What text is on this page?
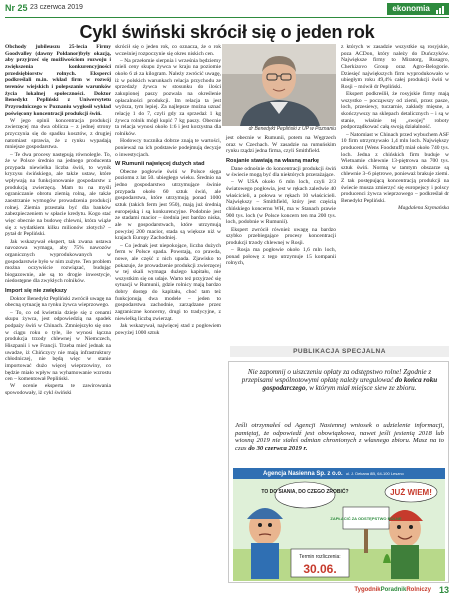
Nr 25 23 czerwca 2019	ekonomia
Cykl świński skrócił się o jeden rok

Obchody jubileuszu 25-lecia Firmy Goodvalley (dawny Poldanor)były okazją, aby przyjrzeć się możliwościom rozwoju i zwiększenia konkurencyjności przedsiębiorstw rolnych. Eksperci podkreślali m.in. wkład firm w rozwój terenów wiejskich i polepszanie warunków życia lokalnej społeczności. Doktor Benedykt Pepliński z Uniwersytetu Przyrodniczego w Poznaniu wygłosił wykład poświęcony koncentracji produkcji świń.

W jego opinii koncentracja produkcji zwierzęcej ma dwa oblicza – z jednej strony przyczynia się do spadku kosztów, z drugiej natomiast sprawia, że z rynku wypadają mniejsze gospodarstwa.

– Te dwa procesy następują równolegle. To, że w Polsce średnio na jednego producenta przypada niewielka liczba świń, to wynik kryzysu świńskiego, ale także ustaw, które wpływają na funkcjonowanie gospodarstw z produkcją zwierzęcą. Mam tu na myśli ograniczanie obrotu ziemią rolną, ale także zaostrzanie wymogów prowadzenia produkcji rolnej. Ziemia przestała być dla banków zabezpieczeniem w spłacie kredytu. Kogo stać więc obecnie na budowę chlewni, która wiąże się z wydatkiem kilku milionów złotych? – pytał dr Pepliński.

Jak wskazywał ekspert, tak zwana ustawa navozowa wymaga, aby 75% nawozów organicznych wyprodukowanych w gospodarstwie było w nim zużyte. Ten problem można oczywiście rozwiązać, budując biogazownie, ale są to drogie inwestycje, niedostępne dla zwykłych rolników.

Import się nie zwiększy

Doktor Benedykt Pepliński zwrócił uwagę na obecną sytuację na rynku żywca wieprzowego.

– To, co od kwietnia dzieje się z cenami skupu żywca, jest odpowiedzią na spadek podpaży świń w Chinach. Zmniejszyło się ono w ciągu roku o tyle, ile wynosi łączna produkcja trzody chlewnej w Niemczech, Hiszpanii i we Francji. Trzeba mieć jednak na uwadze, iż Chińczycy nie mają infrastruktury chłodniczej, nie będą więc w stanie importować dużo więcej wieprzowiny, co będzie miało wpływ na wyhamowanie wzrostu cen – komentował Pepliński.

W ocenie eksperta te zawirowania spowodowały, iż cykl świński

skrócił się o jeden rok, co oznacza, że o rok wcześniej rozpoczynie się okres niskich cen.

– Na przełomie sierpnia i września będziemy mieli ceny skupu żywca w kraju na poziomie około 6 zł za kilogram. Należy zwrócić uwagę, iż w polskich warunkach relacja przychodu ze sprzedaży żywca w stosunku do ilości zakupionej paszy pozwala na określenie opłacalności produkcji. Im relacja ta jest wyższa, tym lepiej. Za najlepsze można uznać relację 1 do 7, czyli gdy za sprzedaż 1 kg żywca rolnik mógł kupić 7 kg paszy. Obecnie ta relacja wynosi około 1:6 i jest korzystna dla rolników.

Hodowcy tucznika dobrze znają te wartości, ponieważ na ich podstawie podejmują decyzje o inwestycjach.

W Rumunii najwięcej dużych stad

Obecne pogłowie świń w Polsce sięga poziomu z lat 50. ubiegłego wieku. Średnio na jedno gospodarstwo utrzymujące świnie przypada około 60 sztuk świń, ale gospodarstwa, które utrzymują ponad 1000 sztuk (takich ferm jest 950), mają już średnią europejską i są konkurencyjne. Podobnie jest ze stadami macior – średnia jest bardzo niska, ale w gospodarstwach, które utrzymują powyżej 200 macior, stada są większe niż w krajach Europy Zachodniej.

– Co jednak jest niepokojące, liczba dużych ferm w Polsce spada. Powstają, co prawda, nowe, ale część z nich upada. Zjawisko to pokazuje, że prowadzenie produkcji zwierzęcej w tej skali wymaga dużego kapitału, nie wszystkim się on udaje. Warto też przyjrzeć się sytuacji w Rumunii, gdzie rolnicy mają bardzo dobry dostęp do kapitału, choć tam też funkcjonują dwa modele – jeden to gospodarstwa zachodnie, zarządzane przez zagraniczne koncerny, drugi to tradycyjne, z niewielką liczbą zwierząt.

Jak wskazywał, najwięcej stad z pogłowiem powyżej 1000 sztuk

dr Benedykt Pepliński z UP w Poznaniu

jest obecnie w Rumunii, potem na Węgrzech oraz w Czechach. W zasadzie na rumuńskim rynku rządzi jedna firma, czyli Smithfield.

Rosjanie stawiają na własną markę

Dane odnośnie do koncentracji produkcji świń w świecie mogą być dla niektórych przerażające.

– W USA około 6 mln loch, czyli 2/3 światowego pogłowia, jest w rękach zaledwie 40 właścicieli, a połowa w rękach 10 właścicieli. Największy – Smithfield, który jest częścią chińskiego koncernu WH, ma w Stanach prawie 900 tys. loch (w Polsce koncern ten ma 200 tys. loch, podobnie w Rumunii).

Ekspert zwrócił również uwagę na bardzo szybko przebiegające procesy koncentracji produkcji trzody chlewnej w Rosji.

– Rosja ma pogłowie około 1,6 mln loch, ponad połowę z tego utrzymuje 15 kompanii rolnych,

z których w zasadzie wszystkie są rosyjskie, poza ACDon, który należy do Duńczyków. Największe firmy to Miratorg, Rusagro, Cherkizovo Group oraz Agro-Belogorie. Dziesięć największych firm wyprodukowało w ubiegłym roku 49,4% całej produkcji świń w Rosji – mówił dr Pepliński.

Ekspert podkreślił, że rosyjskie firmy mają wszystko – począwszy od ziemi, przez pasze, loch, przesiewy, tuczarnie, zakłady mięsne, a skończywszy na sklepach detalicznych – i są w stanie, właśnie tej „swojej” roboty podporządkować całą swoją działalność.

– Natomiast w Chinach przed wybuchem ASF 10 firm utrzymywało 1,4 mln loch. Największy producent (Wens Foodstuff) miał około 740 tys. loch. Jedna z chińskich firm buduje w Wietnamie chlewnie 13-piętrowa na 700 tys. sztuk świń. Normą w tamtym obszarze są chlewnie 3–6 piętrowe, ponieważ brakuje ziemi. Z tak postępującą koncentracją produkcji na świecie musza zmierzyć się europejscy i polscy producenci żywca wieprzowego – podkreślał dr Benedykt Pepliński.

Magdalena Szymańska

PUBLIKACJA SPECJALNA
Nie zapomnij o uiszczeniu opłaty za odstępstwo rolne! Zgodnie z przepisami wspólnotowymi opłatę należy uregulować do końca roku gospodarczego, w którym miał miejsce siew ze zbioru.
Jeśli otrzymałeś od Agencji Nasiennej wniosek o udzielenie informacji, pamiętaj, że odpowiedź jest obowiązkowa, nawet jeśli jesienią 2018 lub wiosną 2019 nie siałeś odmian chronionych z własnego zbioru. Masz na to czas do 30 czerwca 2019 r.
Agencja Nasienna Sp. z o.o. ul. J. Dekana 8B, 64-100 Leszno
TO DO SIANIA, DO CZEGO ZROBIĆ?	JUŻ WIEM!
ZAPŁACIĆ ZA ODSTĘPSTWO ROLNE
Termin rozliczenia:
30.06.
TygodnikPoradnikRolniczy 13
